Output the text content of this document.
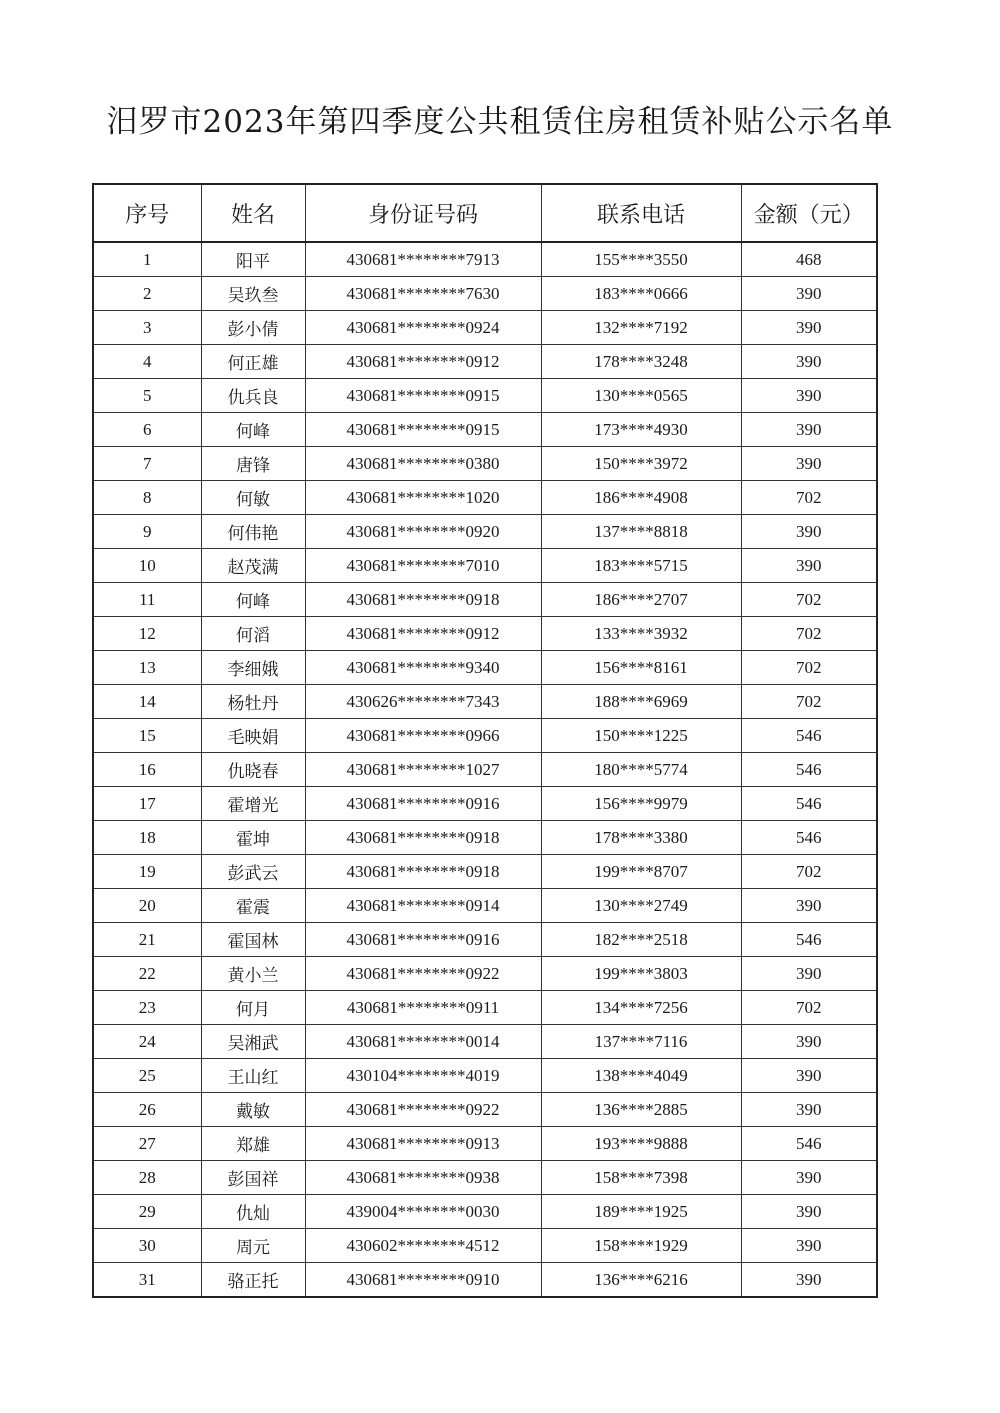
汨罗市2023年第四季度公共租赁住房租赁补贴公示名单
序号	姓名	身份证号码	联系电话	金额（元）
1	阳平	430681********7913	155****3550	468
2	吴玖叁	430681********7630	183****0666	390
3	彭小倩	430681********0924	132****7192	390
4	何正雄	430681********0912	178****3248	390
5	仇兵良	430681********0915	130****0565	390
6	何峰	430681********0915	173****4930	390
7	唐锋	430681********0380	150****3972	390
8	何敏	430681********1020	186****4908	702
9	何伟艳	430681********0920	137****8818	390
10	赵茂满	430681********7010	183****5715	390
11	何峰	430681********0918	186****2707	702
12	何滔	430681********0912	133****3932	702
13	李细娥	430681********9340	156****8161	702
14	杨牡丹	430626********7343	188****6969	702
15	毛映娟	430681********0966	150****1225	546
16	仇晓春	430681********1027	180****5774	546
17	霍增光	430681********0916	156****9979	546
18	霍坤	430681********0918	178****3380	546
19	彭武云	430681********0918	199****8707	702
20	霍震	430681********0914	130****2749	390
21	霍国林	430681********0916	182****2518	546
22	黄小兰	430681********0922	199****3803	390
23	何月	430681********0911	134****7256	702
24	吴湘武	430681********0014	137****7116	390
25	王山红	430104********4019	138****4049	390
26	戴敏	430681********0922	136****2885	390
27	郑雄	430681********0913	193****9888	546
28	彭国祥	430681********0938	158****7398	390
29	仇灿	439004********0030	189****1925	390
30	周元	430602********4512	158****1929	390
31	骆正托	430681********0910	136****6216	390
